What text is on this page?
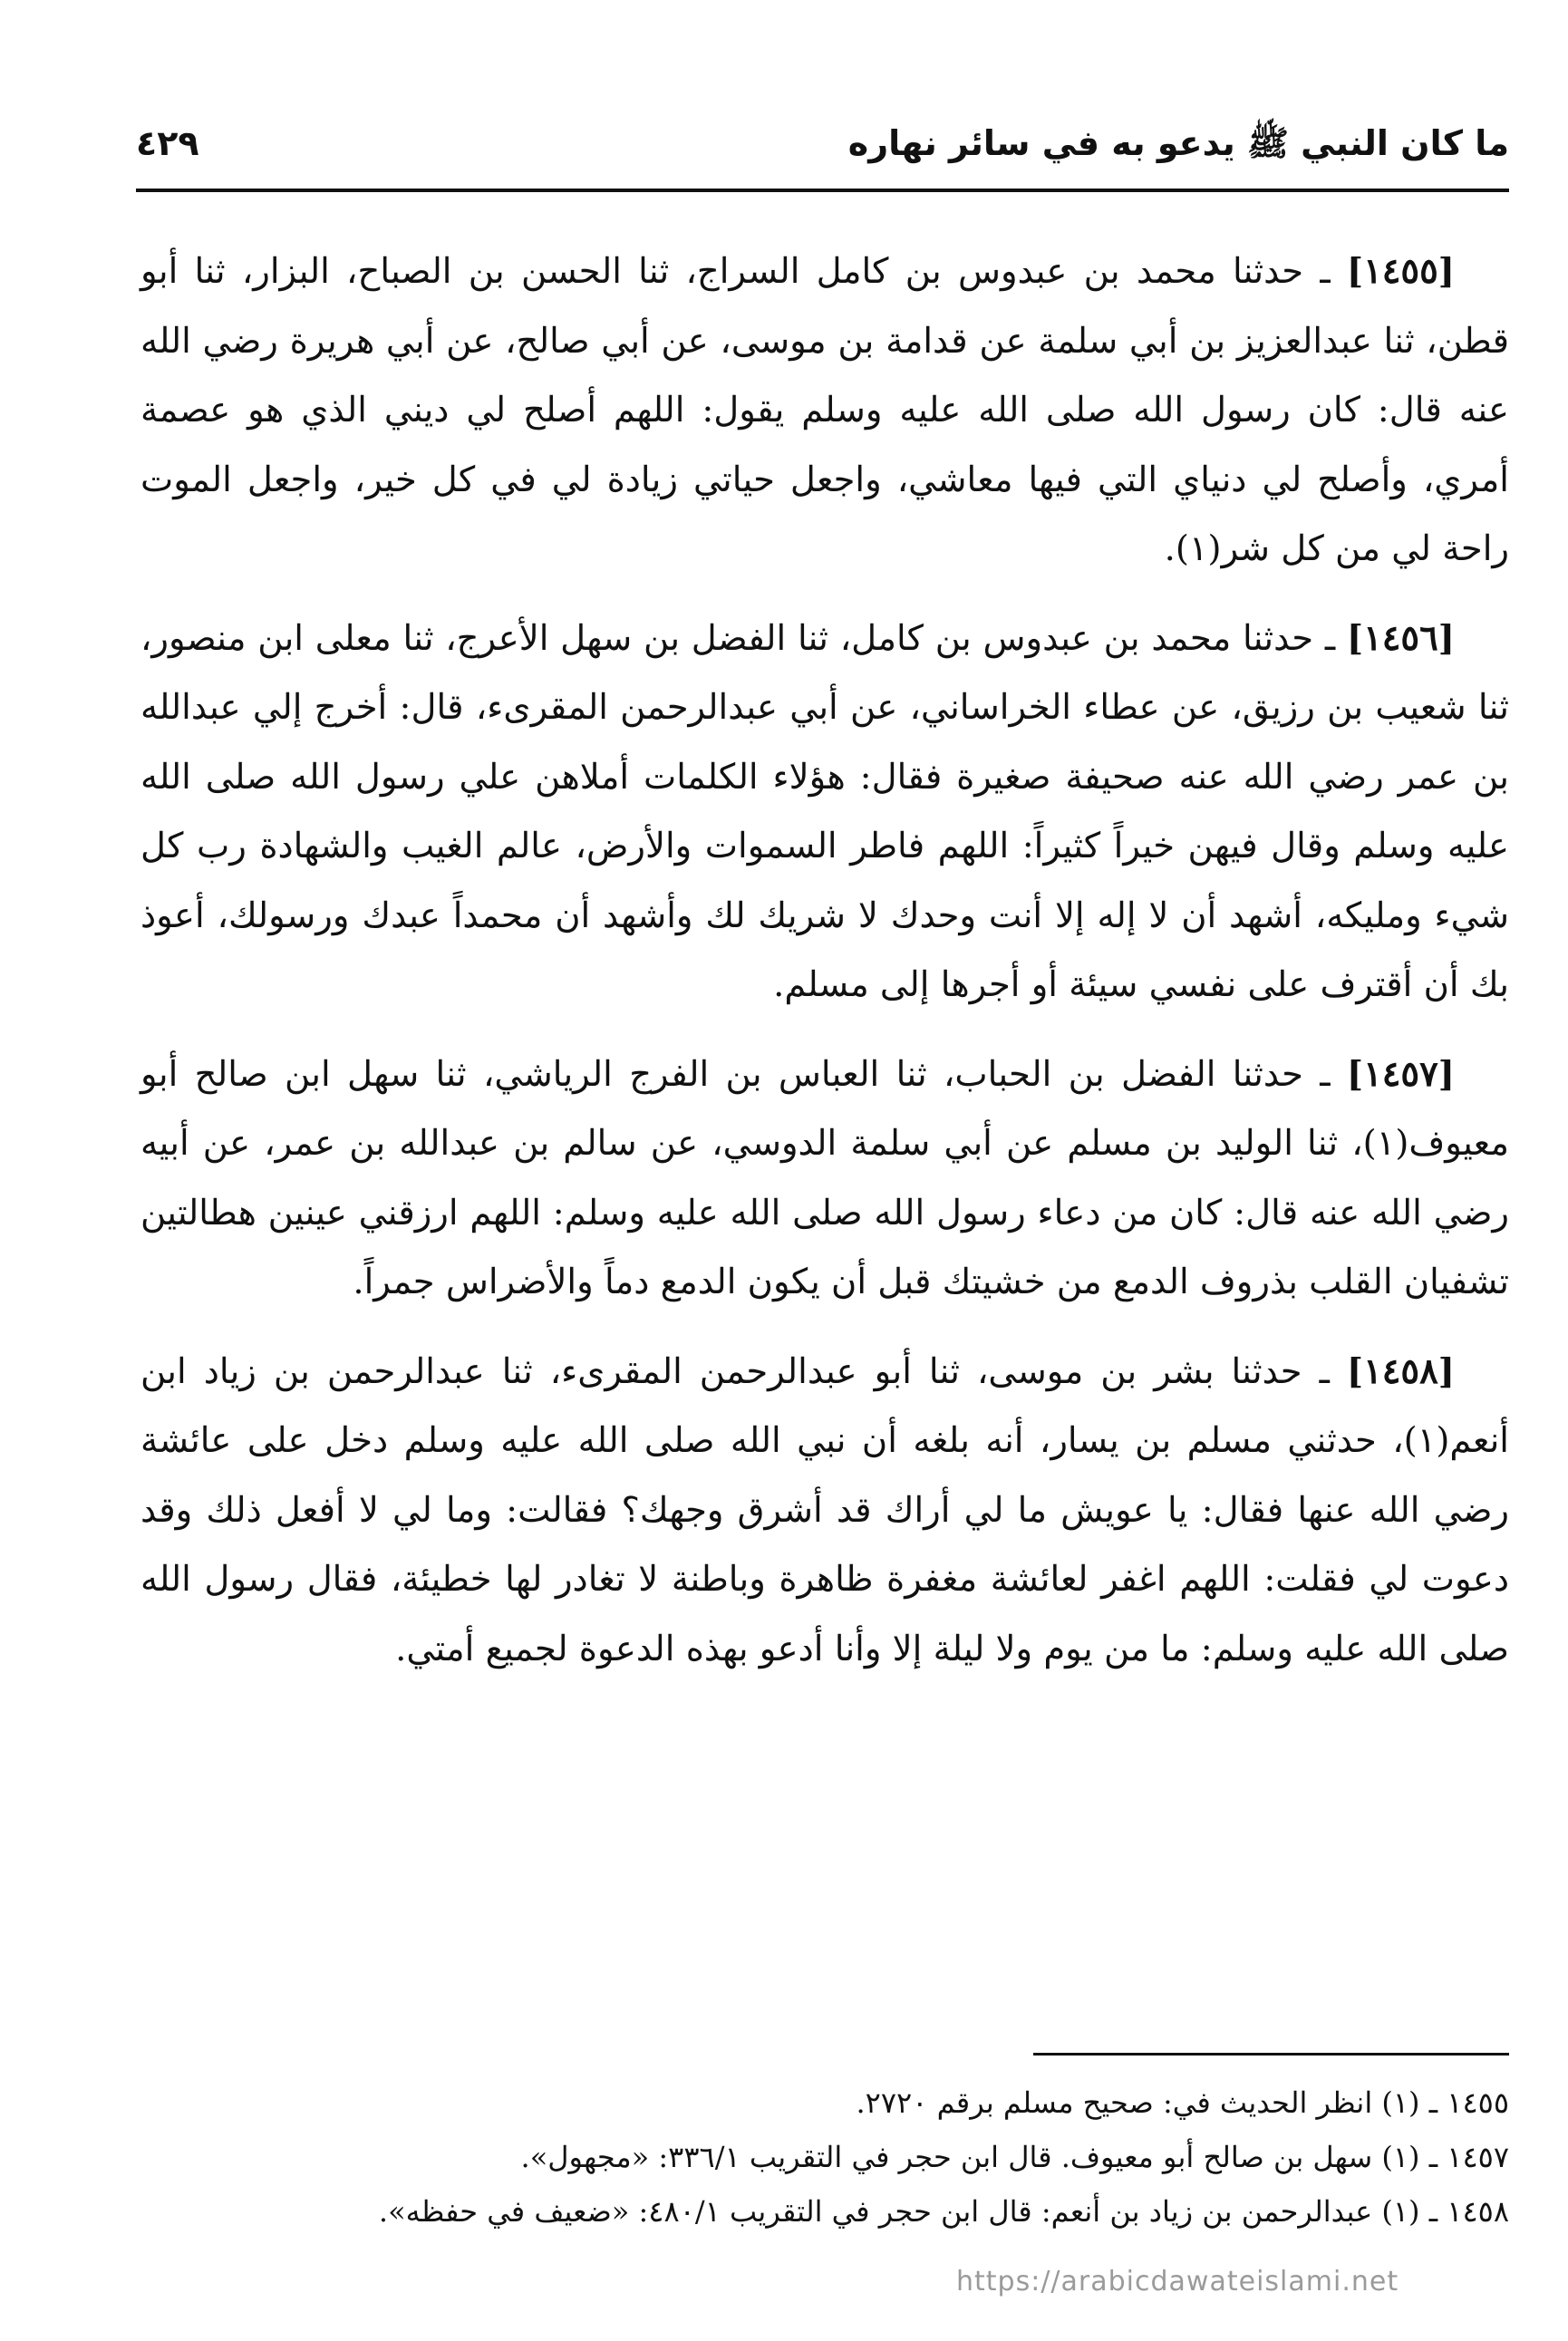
ما كان النبي ﷺ يدعو به في سائر نهاره
٤٢٩

[١٤٥٥] ـ حدثنا محمد بن عبدوس بن كامل السراج، ثنا الحسن بن الصباح، البزار، ثنا أبو قطن، ثنا عبدالعزيز بن أبي سلمة عن قدامة بن موسى، عن أبي صالح، عن أبي هريرة رضي الله عنه قال: كان رسول الله صلى الله عليه وسلم يقول: اللهم أصلح لي ديني الذي هو عصمة أمري، وأصلح لي دنياي التي فيها معاشي، واجعل حياتي زيادة لي في كل خير، واجعل الموت راحة لي من كل شر(١).

[١٤٥٦] ـ حدثنا محمد بن عبدوس بن كامل، ثنا الفضل بن سهل الأعرج، ثنا معلى ابن منصور، ثنا شعيب بن رزيق، عن عطاء الخراساني، عن أبي عبدالرحمن المقرىء، قال: أخرج إلي عبدالله بن عمر رضي الله عنه صحيفة صغيرة فقال: هؤلاء الكلمات أملاهن علي رسول الله صلى الله عليه وسلم وقال فيهن خيراً كثيراً: اللهم فاطر السموات والأرض، عالم الغيب والشهادة رب كل شيء ومليكه، أشهد أن لا إله إلا أنت وحدك لا شريك لك وأشهد أن محمداً عبدك ورسولك، أعوذ بك أن أقترف على نفسي سيئة أو أجرها إلى مسلم.

[١٤٥٧] ـ حدثنا الفضل بن الحباب، ثنا العباس بن الفرج الرياشي، ثنا سهل ابن صالح أبو معيوف(١)، ثنا الوليد بن مسلم عن أبي سلمة الدوسي، عن سالم بن عبدالله بن عمر، عن أبيه رضي الله عنه قال: كان من دعاء رسول الله صلى الله عليه وسلم: اللهم ارزقني عينين هطالتين تشفيان القلب بذروف الدمع من خشيتك قبل أن يكون الدمع دماً والأضراس جمراً.

[١٤٥٨] ـ حدثنا بشر بن موسى، ثنا أبو عبدالرحمن المقرىء، ثنا عبدالرحمن بن زياد ابن أنعم(١)، حدثني مسلم بن يسار، أنه بلغه أن نبي الله صلى الله عليه وسلم دخل على عائشة رضي الله عنها فقال: يا عويش ما لي أراك قد أشرق وجهك؟ فقالت: وما لي لا أفعل ذلك وقد دعوت لي فقلت: اللهم اغفر لعائشة مغفرة ظاهرة وباطنة لا تغادر لها خطيئة، فقال رسول الله صلى الله عليه وسلم: ما من يوم ولا ليلة إلا وأنا أدعو بهذه الدعوة لجميع أمتي.

١٤٥٥ ـ (١) انظر الحديث في: صحيح مسلم برقم ٢٧٢٠.

١٤٥٧ ـ (١) سهل بن صالح أبو معيوف. قال ابن حجر في التقريب ٣٣٦/١: «مجهول».

١٤٥٨ ـ (١) عبدالرحمن بن زياد بن أنعم: قال ابن حجر في التقريب ٤٨٠/١: «ضعيف في حفظه».

https://arabicdawateislami.net
